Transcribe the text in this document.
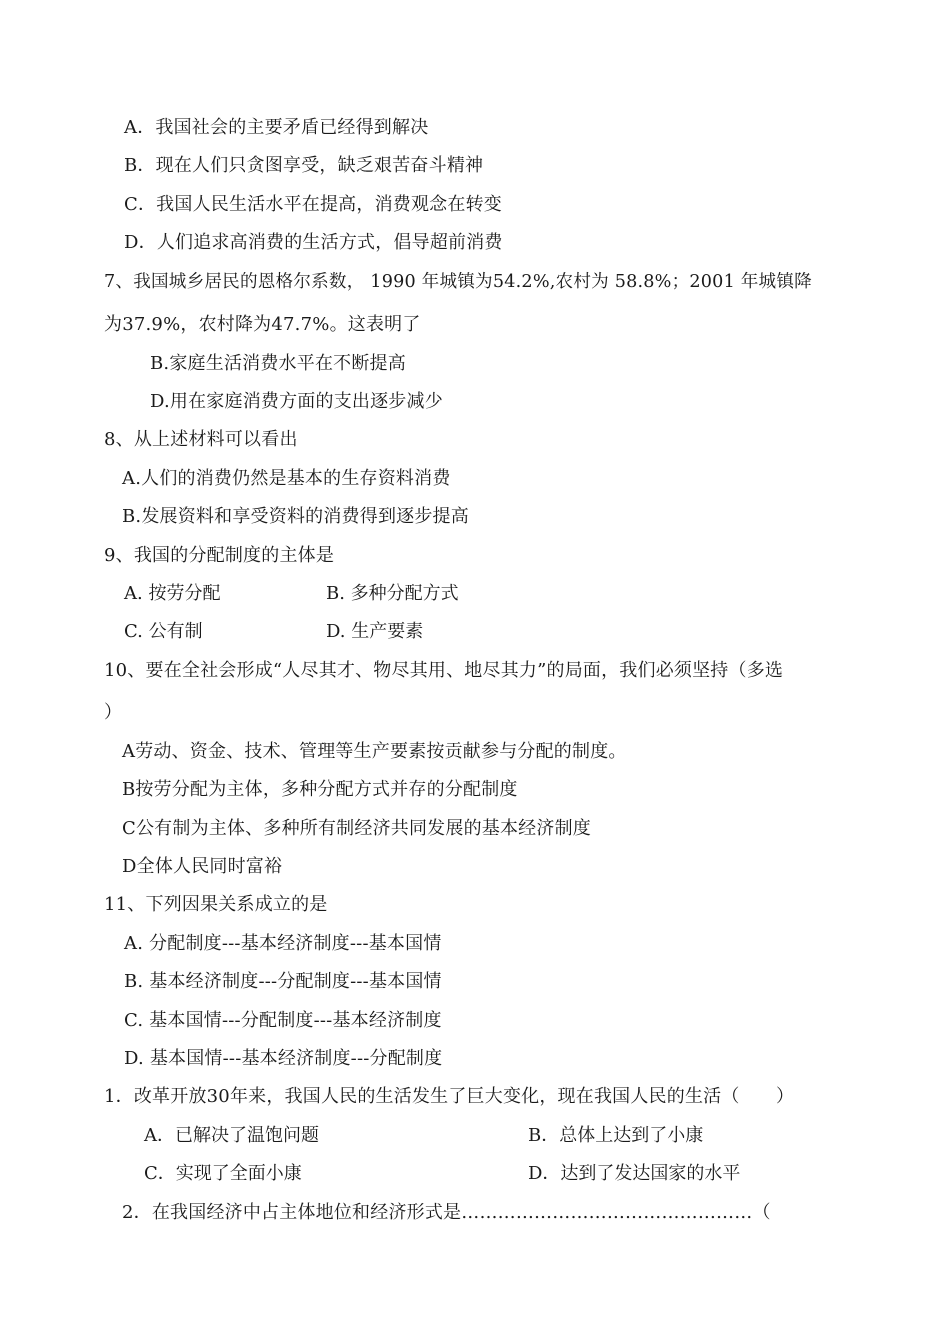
A．我国社会的主要矛盾已经得到解决
B．现在人们只贪图享受，缺乏艰苦奋斗精神
C．我国人民生活水平在提高，消费观念在转变
D．人们追求高消费的生活方式，倡导超前消费
7、我国城乡居民的恩格尔系数， 1990 年城镇为54.2%,农村为 58.8%；2001 年城镇降
为37.9%，农村降为47.7%。这表明了
B.家庭生活消费水平在不断提高
D.用在家庭消费方面的支出逐步减少
8、从上述材料可以看出
A.人们的消费仍然是基本的生存资料消费
B.发展资料和享受资料的消费得到逐步提高
9、我国的分配制度的主体是
A. 按劳分配	B. 多种分配方式
C. 公有制	D. 生产要素
10、要在全社会形成“人尽其才、物尽其用、地尽其力”的局面，我们必须坚持（多选
）
A劳动、资金、技术、管理等生产要素按贡献参与分配的制度。
B按劳分配为主体，多种分配方式并存的分配制度
C公有制为主体、多种所有制经济共同发展的基本经济制度
D全体人民同时富裕
11、下列因果关系成立的是
A. 分配制度---基本经济制度---基本国情
B. 基本经济制度---分配制度---基本国情
C. 基本国情---分配制度---基本经济制度
D. 基本国情---基本经济制度---分配制度
1．改革开放30年来，我国人民的生活发生了巨大变化，现在我国人民的生活（　　）
A．已解决了温饱问题	B．总体上达到了小康
C．实现了全面小康	D．达到了发达国家的水平
2．在我国经济中占主体地位和经济形式是…………………………………………（
